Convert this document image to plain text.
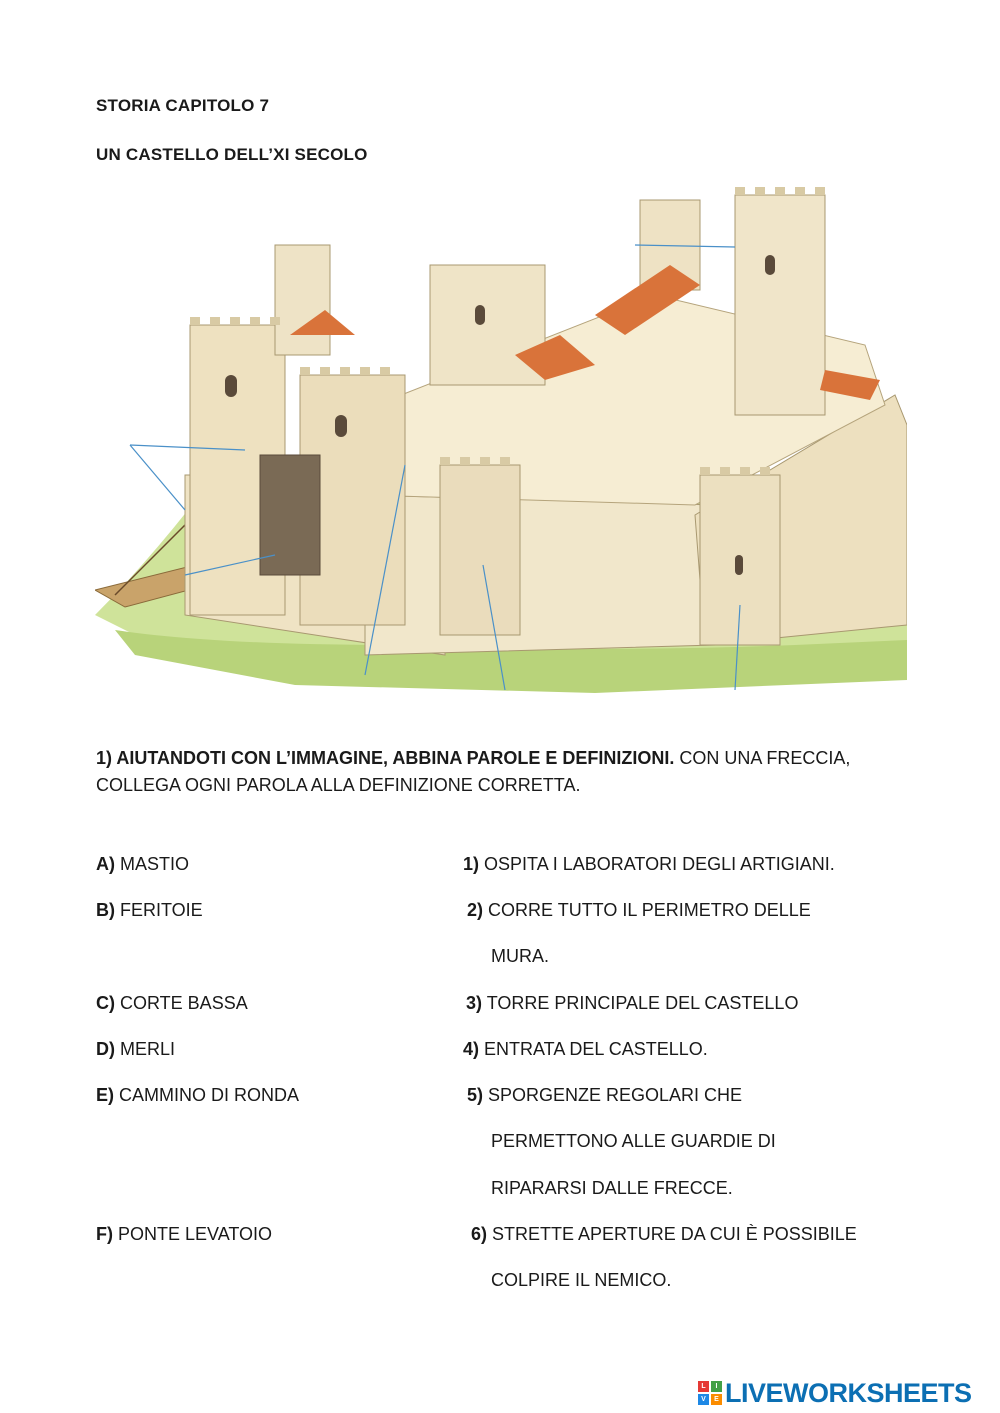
STORIA CAPITOLO 7
UN CASTELLO DELL’XI SECOLO
1) AIUTANDOTI CON L’IMMAGINE, ABBINA PAROLE E DEFINIZIONI. CON UNA FRECCIA, COLLEGA OGNI PAROLA ALLA DEFINIZIONE CORRETTA.
A) MASTIO
B) FERITOIE
C) CORTE BASSA
D) MERLI
E) CAMMINO DI RONDA
F) PONTE LEVATOIO
1) OSPITA I LABORATORI DEGLI ARTIGIANI.
2) CORRE TUTTO IL PERIMETRO DELLE
MURA.
3) TORRE PRINCIPALE DEL CASTELLO
4) ENTRATA DEL CASTELLO.
5) SPORGENZE REGOLARI CHE
PERMETTONO ALLE GUARDIE DI
RIPARARSI DALLE FRECCE.
6) STRETTE APERTURE DA CUI È POSSIBILE
COLPIRE IL NEMICO.
L	I
V	E LIVEWORKSHEETS
